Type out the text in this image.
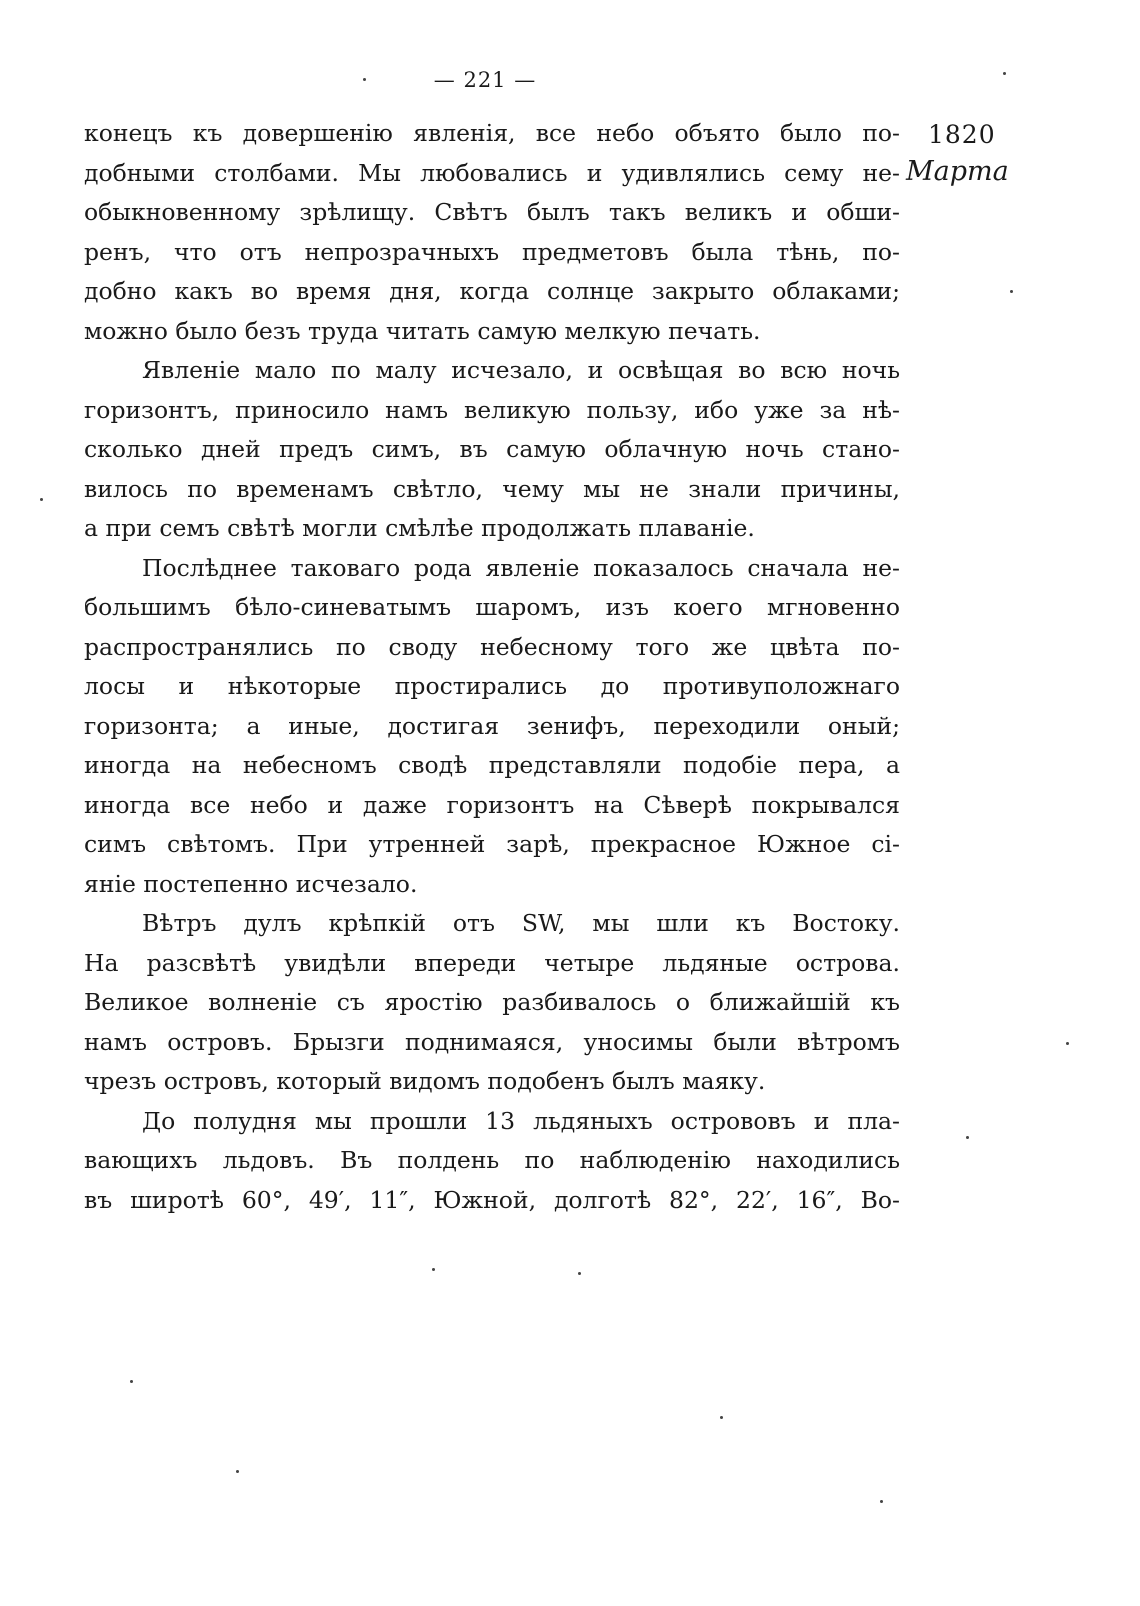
— 221 —
1820
Марта
конецъ къ довершенію явленія, все небо объято было по-
добными столбами. Мы любовались и удивлялись сему не-
обыкновенному зрѣлищу. Свѣтъ былъ такъ великъ и обши-
ренъ, что отъ непрозрачныхъ предметовъ была тѣнь, по-
добно какъ во время дня, когда солнце закрыто облаками;
можно было безъ труда читать самую мелкую печать.
Явленіе мало по малу исчезало, и освѣщая во всю ночь
горизонтъ, приносило намъ великую пользу, ибо уже за нѣ-
сколько дней предъ симъ, въ самую облачную ночь стано-
вилось по временамъ свѣтло, чему мы не знали причины,
а при семъ свѣтѣ могли смѣлѣе продолжать плаваніе.
Послѣднее таковаго рода явленіе показалось сначала не-
большимъ бѣло-синеватымъ шаромъ, изъ коего мгновенно
распространялись по своду небесному того же цвѣта по-
лосы и нѣкоторые простирались до противуположнаго
горизонта; а иные, достигая зенифъ, переходили оный;
иногда на небесномъ сводѣ представляли подобіе пера, а
иногда все небо и даже горизонтъ на Сѣверѣ покрывался
симъ свѣтомъ. При утренней зарѣ, прекрасное Южное сі-
яніе постепенно исчезало.
Вѣтръ дулъ крѣпкій отъ SW, мы шли къ Востоку.
На разсвѣтѣ увидѣли впереди четыре льдяные острова.
Великое волненіе съ яростію разбивалось о ближайшій къ
намъ островъ. Брызги поднимаяся, уносимы были вѣтромъ
чрезъ островъ, который видомъ подобенъ былъ маяку.
До полудня мы прошли 13 льдяныхъ острововъ и пла-
вающихъ льдовъ. Въ полдень по наблюденію находились
въ широтѣ 60°, 49′, 11″, Южной, долготѣ 82°, 22′, 16″, Во-
